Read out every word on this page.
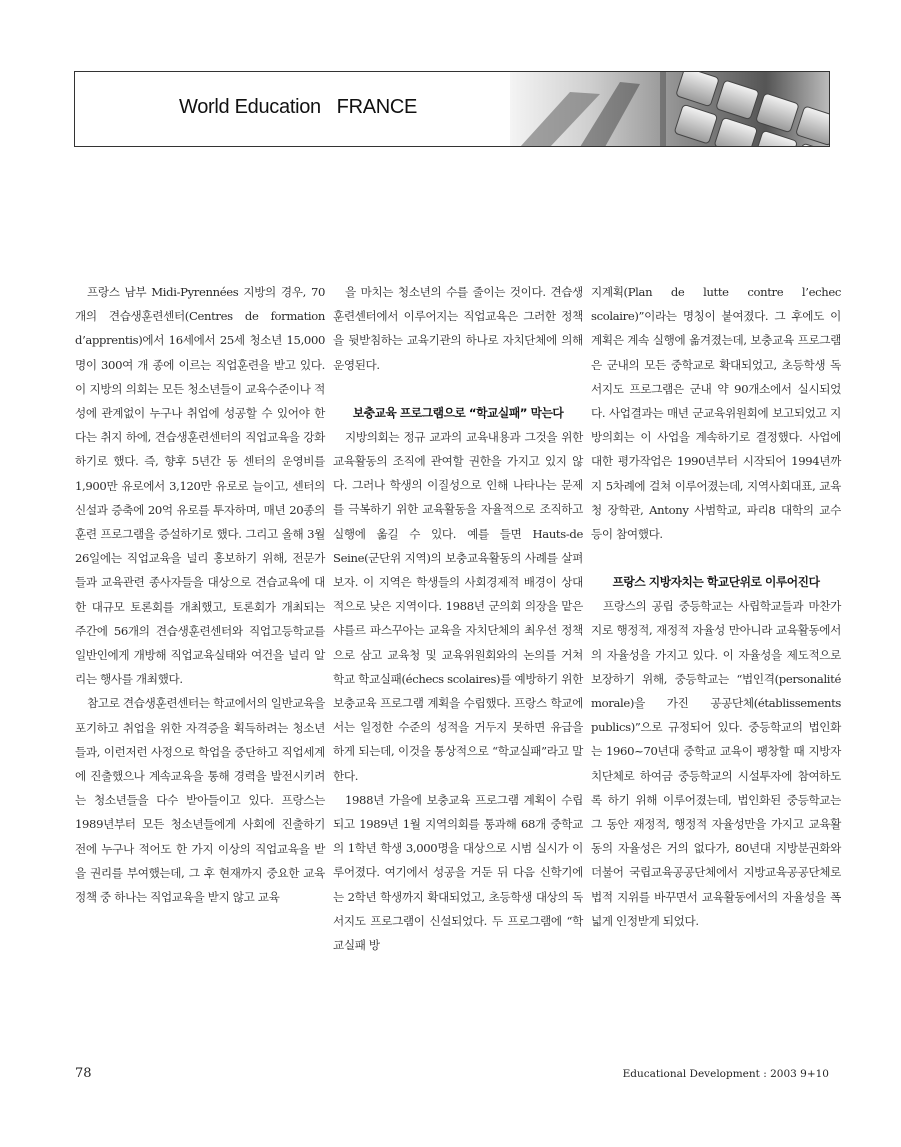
World Education   FRANCE

프랑스 남부 Midi-Pyrennées 지방의 경우, 70개의 견습생훈련센터(Centres de formation d’apprentis)에서 16세에서 25세 청소년 15,000명이 300여 개 종에 이르는 직업훈련을 받고 있다. 이 지방의 의회는 모든 청소년들이 교육수준이나 적성에 관계없이 누구나 취업에 성공할 수 있어야 한다는 취지 하에, 견습생훈련센터의 직업교육을 강화하기로 했다. 즉, 향후 5년간 동 센터의 운영비를 1,900만 유로에서 3,120만 유로로 늘이고, 센터의 신설과 증축에 20억 유로를 투자하며, 매년 20종의 훈련 프로그램을 증설하기로 했다. 그리고 올해 3월 26일에는 직업교육을 널리 홍보하기 위해, 전문가들과 교육관련 종사자들을 대상으로 견습교육에 대한 대규모 토론회를 개최했고, 토론회가 개최되는 주간에 56개의 견습생훈련센터와 직업고등학교를 일반인에게 개방해 직업교육실태와 여건을 널리 알리는 행사를 개최했다.

참고로 견습생훈련센터는 학교에서의 일반교육을 포기하고 취업을 위한 자격증을 획득하려는 청소년들과, 이런저런 사정으로 학업을 중단하고 직업세계에 진출했으나 계속교육을 통해 경력을 발전시키려는 청소년들을 다수 받아들이고 있다. 프랑스는 1989년부터 모든 청소년들에게 사회에 진출하기 전에 누구나 적어도 한 가지 이상의 직업교육을 받을 권리를 부여했는데, 그 후 현재까지 중요한 교육정책 중 하나는 직업교육을 받지 않고 교육

을 마치는 청소년의 수를 줄이는 것이다. 견습생훈련센터에서 이루어지는 직업교육은 그러한 정책을 뒷받침하는 교육기관의 하나로 자치단체에 의해 운영된다.

보충교육 프로그램으로 “학교실패” 막는다

지방의회는 정규 교과의 교육내용과 그것을 위한 교육활동의 조직에 관여할 권한을 가지고 있지 않다. 그러나 학생의 이질성으로 인해 나타나는 문제를 극복하기 위한 교육활동을 자율적으로 조직하고 실행에 옮길 수 있다. 예를 들면 Hauts-de Seine(군단위 지역)의 보충교육활동의 사례를 살펴보자. 이 지역은 학생들의 사회경제적 배경이 상대적으로 낮은 지역이다. 1988년 군의회 의장을 맡은 샤를르 파스꾸아는 교육을 자치단체의 최우선 정책으로 삼고 교육청 및 교육위원회와의 논의를 거쳐 학교 학교실패(échecs scolaires)를 예방하기 위한 보충교육 프로그램 계획을 수립했다. 프랑스 학교에서는 일정한 수준의 성적을 거두지 못하면 유급을 하게 되는데, 이것을 통상적으로 “학교실패”라고 말한다.

1988년 가을에 보충교육 프로그램 계획이 수립되고 1989년 1월 지역의회를 통과해 68개 중학교의 1학년 학생 3,000명을 대상으로 시범 실시가 이루어졌다. 여기에서 성공을 거둔 뒤 다음 신학기에는 2학년 학생까지 확대되었고, 초등학생 대상의 독서지도 프로그램이 신설되었다. 두 프로그램에 “학교실패 방

지계획(Plan de lutte contre l’echec scolaire)”이라는 명칭이 붙여졌다. 그 후에도 이 계획은 계속 실행에 옮겨졌는데, 보충교육 프로그램은 군내의 모든 중학교로 확대되었고, 초등학생 독서지도 프로그램은 군내 약 90개소에서 실시되었다. 사업결과는 매년 군교육위원회에 보고되었고 지방의회는 이 사업을 계속하기로 결정했다. 사업에 대한 평가작업은 1990년부터 시작되어 1994년까지 5차례에 걸쳐 이루어졌는데, 지역사회대표, 교육청 장학관, Antony 사범학교, 파리8 대학의 교수 등이 참여했다.

프랑스 지방자치는 학교단위로 이루어진다

프랑스의 공립 중등학교는 사립학교들과 마찬가지로 행정적, 재정적 자율성 만아니라 교육활동에서의 자율성을 가지고 있다. 이 자율성을 제도적으로 보장하기 위해, 중등학교는 “법인격(personalité morale)을 가진 공공단체(établissements publics)”으로 규정되어 있다. 중등학교의 법인화는 1960~70년대 중학교 교육이 팽창할 때 지방자치단체로 하여금 중등학교의 시설투자에 참여하도록 하기 위해 이루어졌는데, 법인화된 중등학교는 그 동안 재정적, 행정적 자율성만을 가지고 교육활동의 자율성은 거의 없다가, 80년대 지방분권화와 더불어 국립교육공공단체에서 지방교육공공단체로 법적 지위를 바꾸면서 교육활동에서의 자율성을 폭넓게 인정받게 되었다.

78	Educational Development : 2003 9+10
